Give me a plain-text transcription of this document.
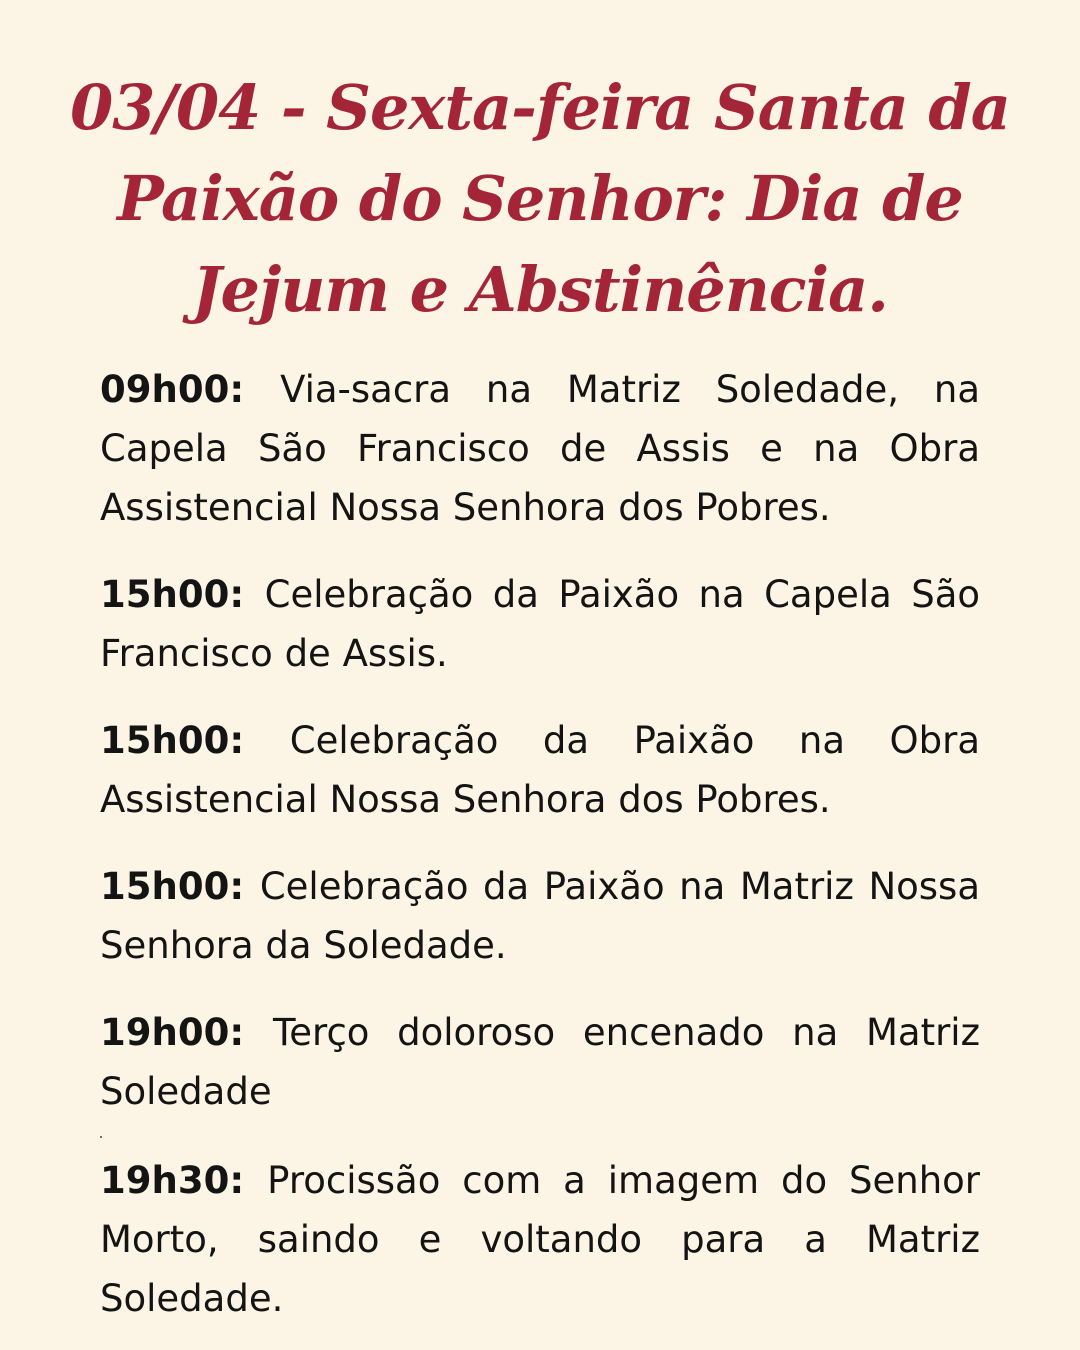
03/04 - Sexta-feira Santa da Paixão do Senhor: Dia de Jejum e Abstinência.
09h00: Via-sacra na Matriz Soledade, na Capela São Francisco de Assis e na Obra Assistencial Nossa Senhora dos Pobres.
15h00: Celebração da Paixão na Capela São Francisco de Assis.
15h00: Celebração da Paixão na Obra Assistencial Nossa Senhora dos Pobres.
15h00: Celebração da Paixão na Matriz Nossa Senhora da Soledade.
19h00: Terço doloroso encenado na Matriz Soledade
19h30: Procissão com a imagem do Senhor Morto, saindo e voltando para a Matriz Soledade.
